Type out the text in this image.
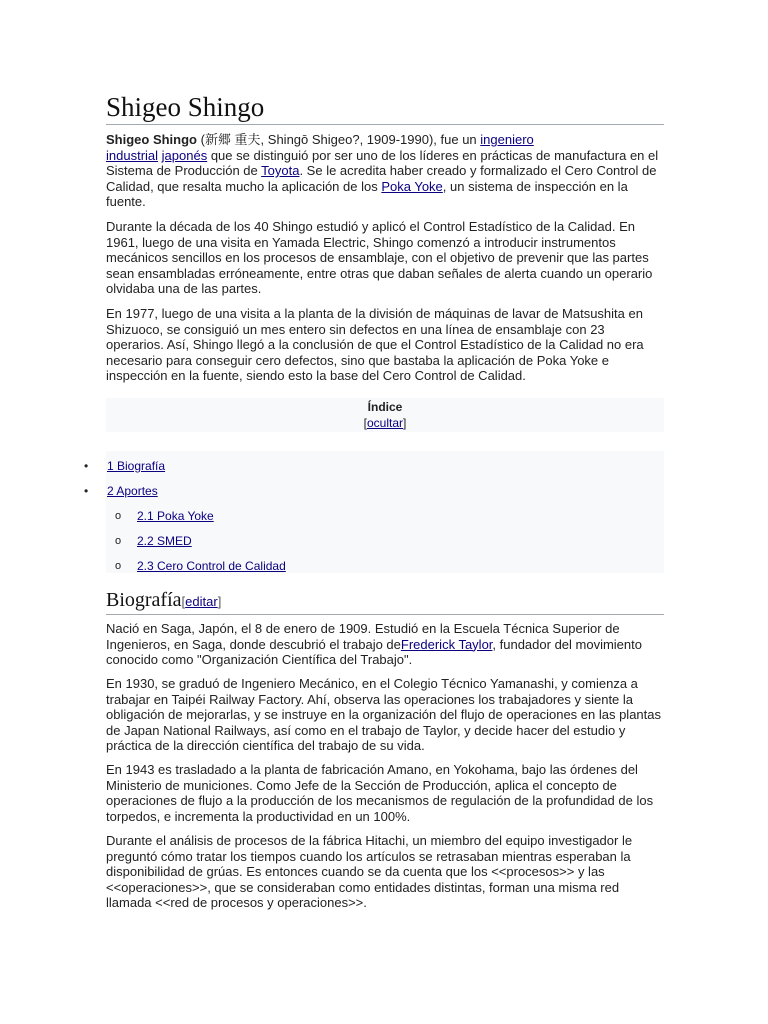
Shigeo Shingo

Shigeo Shingo (新郷 重夫, Shingō Shigeo?, 1909-1990), fue un ingeniero
industrial japonés que se distinguió por ser uno de los líderes en prácticas de manufactura en el Sistema de Producción de Toyota. Se le acredita haber creado y formalizado el Cero Control de Calidad, que resalta mucho la aplicación de los Poka Yoke, un sistema de inspección en la fuente.

Durante la década de los 40 Shingo estudió y aplicó el Control Estadístico de la Calidad. En 1961, luego de una visita en Yamada Electric, Shingo comenzó a introducir instrumentos mecánicos sencillos en los procesos de ensamblaje, con el objetivo de prevenir que las partes sean ensambladas erróneamente, entre otras que daban señales de alerta cuando un operario olvidaba una de las partes.

En 1977, luego de una visita a la planta de la división de máquinas de lavar de Matsushita en Shizuoco, se consiguió un mes entero sin defectos en una línea de ensamblaje con 23 operarios. Así, Shingo llegó a la conclusión de que el Control Estadístico de la Calidad no era necesario para conseguir cero defectos, sino que bastaba la aplicación de Poka Yoke e inspección en la fuente, siendo esto la base del Cero Control de Calidad.

Índice
[ocultar]
• 1 Biografía
• 2 Aportes
o 2.1 Poka Yoke
o 2.2 SMED
o 2.3 Cero Control de Calidad
Biografía[editar]

Nació en Saga, Japón, el 8 de enero de 1909. Estudió en la Escuela Técnica Superior de Ingenieros, en Saga, donde descubrió el trabajo deFrederick Taylor, fundador del movimiento conocido como "Organización Científica del Trabajo".

En 1930, se graduó de Ingeniero Mecánico, en el Colegio Técnico Yamanashi, y comienza a trabajar en Taipéi Railway Factory. Ahí, observa las operaciones los trabajadores y siente la obligación de mejorarlas, y se instruye en la organización del flujo de operaciones en las plantas de Japan National Railways, así como en el trabajo de Taylor, y decide hacer del estudio y práctica de la dirección científica del trabajo de su vida.

En 1943 es trasladado a la planta de fabricación Amano, en Yokohama, bajo las órdenes del Ministerio de municiones. Como Jefe de la Sección de Producción, aplica el concepto de operaciones de flujo a la producción de los mecanismos de regulación de la profundidad de los torpedos, e incrementa la productividad en un 100%.

Durante el análisis de procesos de la fábrica Hitachi, un miembro del equipo investigador le preguntó cómo tratar los tiempos cuando los artículos se retrasaban mientras esperaban la disponibilidad de grúas. Es entonces cuando se da cuenta que los <<procesos>> y las <<operaciones>>, que se consideraban como entidades distintas, forman una misma red llamada <<red de procesos y operaciones>>.
